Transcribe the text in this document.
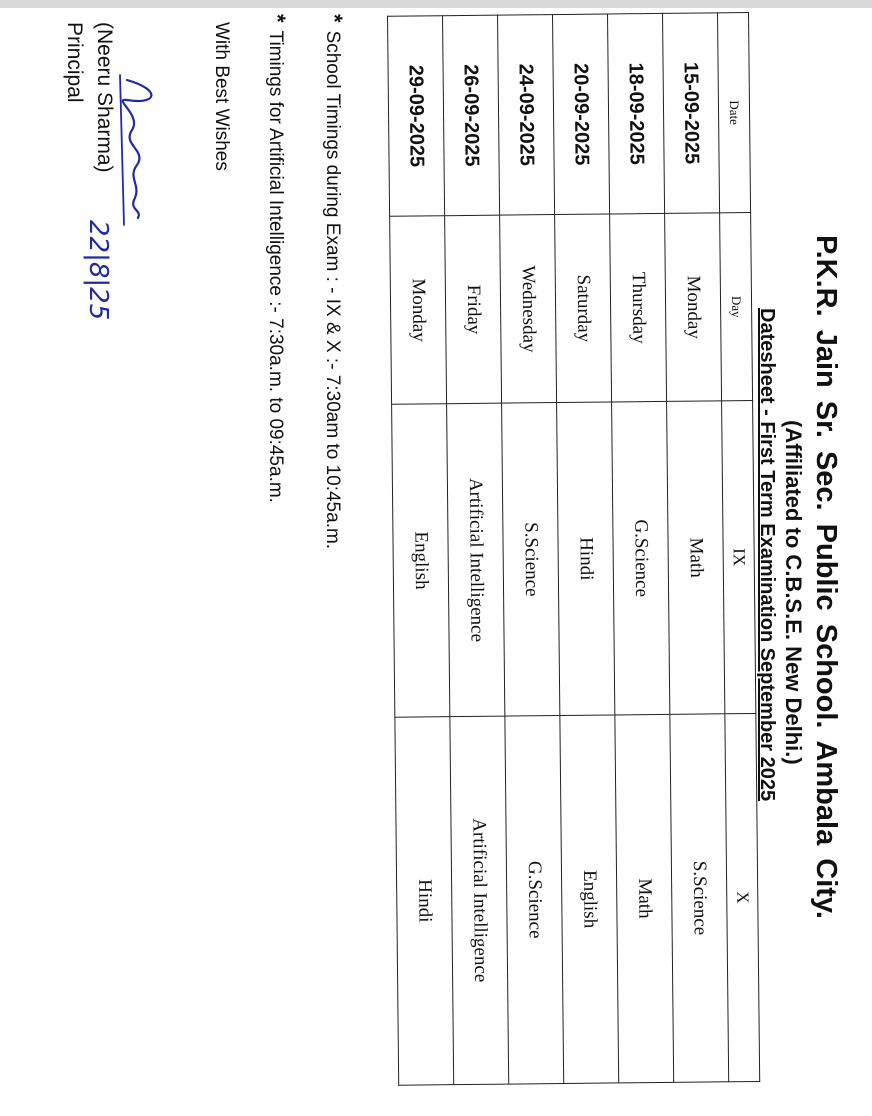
P.K.R. Jain Sr. Sec. Public School. Ambala City.
(Affiliated to C.B.S.E. New Delhi.)
Datesheet - First Term Examination September 2025
Date	Day	IX	X
15-09-2025	Monday	Math	S.Science
18-09-2025	Thursday	G.Science	Math
20-09-2025	Saturday	Hindi	English
24-09-2025	Wednesday	S.Science	G.Science
26-09-2025	Friday	Artificial Intelligence	Artificial Intelligence
29-09-2025	Monday	English	Hindi
*School Timings during Exam : - IX & X :- 7:30am to 10:45a.m.
*Timings for Artificial Intelligence :- 7:30a.m. to 09:45a.m.
With Best Wishes
22|8|25
(Neeru Sharma)
Principal
